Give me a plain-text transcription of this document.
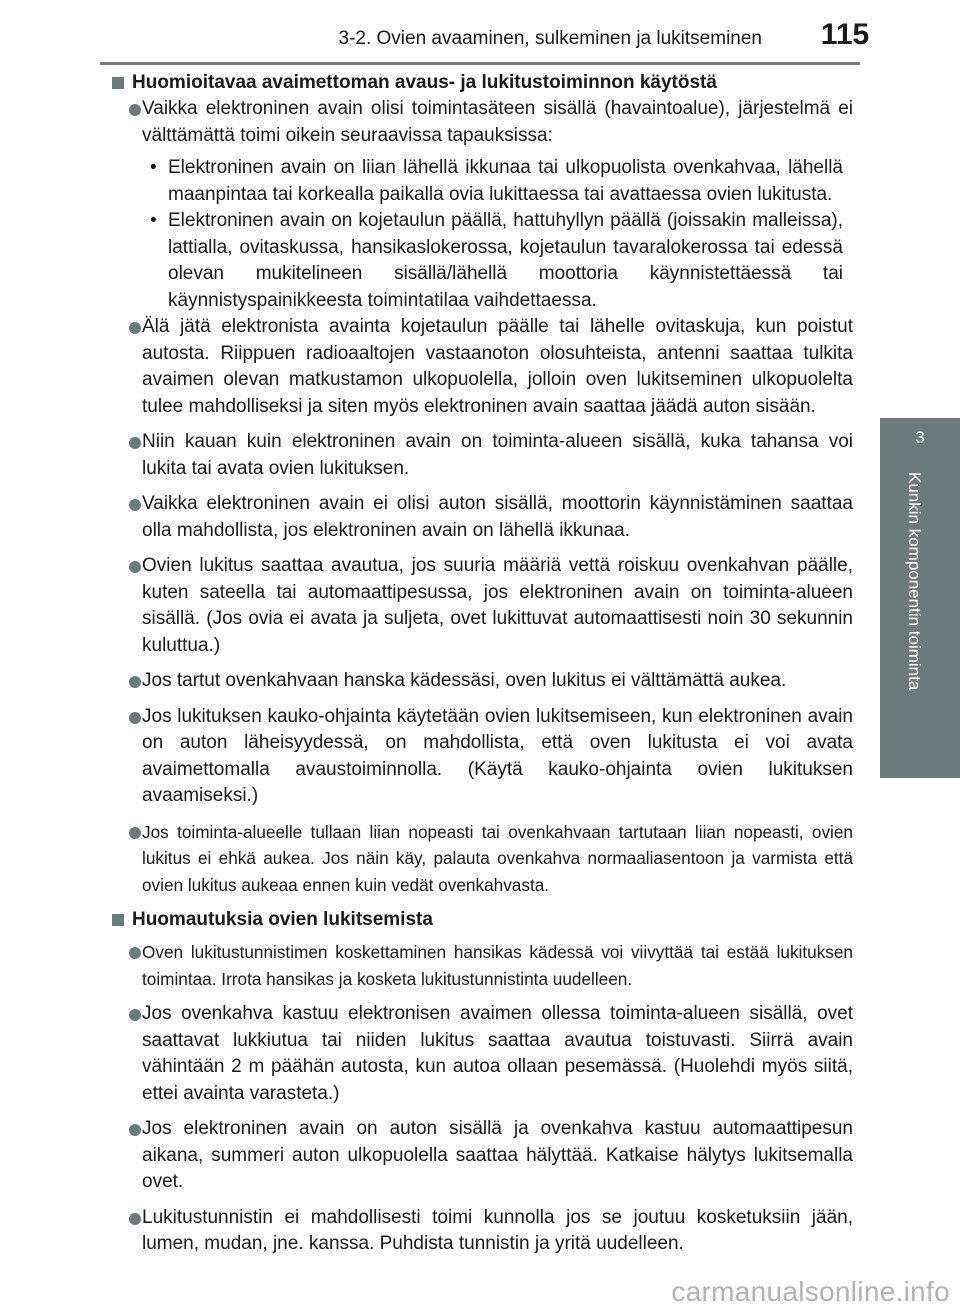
3-2. Ovien avaaminen, sulkeminen ja lukitseminen	115
3
Kunkin komponentin toiminta
Huomioitavaa avaimettoman avaus- ja lukitustoiminnon käytöstä

Vaikka elektroninen avain olisi toimintasäteen sisällä (havaintoalue), järjestelmä ei välttämättä toimi oikein seuraavissa tapauksissa:

• Elektroninen avain on liian lähellä ikkunaa tai ulkopuolista ovenkahvaa, lähellä maanpintaa tai korkealla paikalla ovia lukittaessa tai avattaessa ovien lukitusta.

• Elektroninen avain on kojetaulun päällä, hattuhyllyn päällä (joissakin malleissa), lattialla, ovitaskussa, hansikaslokerossa, kojetaulun tavaralokerossa tai edessä olevan mukitelineen sisällä/lähellä moottoria käynnistettäessä tai käynnistyspainikkeesta toimintatilaa vaihdettaessa.

Älä jätä elektronista avainta kojetaulun päälle tai lähelle ovitaskuja, kun poistut autosta. Riippuen radioaaltojen vastaanoton olosuhteista, antenni saattaa tulkita avaimen olevan matkustamon ulkopuolella, jolloin oven lukitseminen ulkopuolelta tulee mahdolliseksi ja siten myös elektroninen avain saattaa jäädä auton sisään.

Niin kauan kuin elektroninen avain on toiminta-alueen sisällä, kuka tahansa voi lukita tai avata ovien lukituksen.

Vaikka elektroninen avain ei olisi auton sisällä, moottorin käynnistäminen saattaa olla mahdollista, jos elektroninen avain on lähellä ikkunaa.

Ovien lukitus saattaa avautua, jos suuria määriä vettä roiskuu ovenkahvan päälle, kuten sateella tai automaattipesussa, jos elektroninen avain on toiminta-alueen sisällä. (Jos ovia ei avata ja suljeta, ovet lukittuvat automaattisesti noin 30 sekunnin kuluttua.)

Jos tartut ovenkahvaan hanska kädessäsi, oven lukitus ei välttämättä aukea.

Jos lukituksen kauko-ohjainta käytetään ovien lukitsemiseen, kun elektroninen avain on auton läheisyydessä, on mahdollista, että oven lukitusta ei voi avata avaimettomalla avaustoiminnolla. (Käytä kauko-ohjainta ovien lukituksen avaamiseksi.)

Jos toiminta-alueelle tullaan liian nopeasti tai ovenkahvaan tartutaan liian nopeasti, ovien lukitus ei ehkä aukea. Jos näin käy, palauta ovenkahva normaaliasentoon ja varmista että ovien lukitus aukeaa ennen kuin vedät ovenkahvasta.

Huomautuksia ovien lukitsemista

Oven lukitustunnistimen koskettaminen hansikas kädessä voi viivyttää tai estää lukituksen toimintaa. Irrota hansikas ja kosketa lukitustunnistinta uudelleen.

Jos ovenkahva kastuu elektronisen avaimen ollessa toiminta-alueen sisällä, ovet saattavat lukkiutua tai niiden lukitus saattaa avautua toistuvasti. Siirrä avain vähintään 2 m päähän autosta, kun autoa ollaan pesemässä. (Huolehdi myös siitä, ettei avainta varasteta.)

Jos elektroninen avain on auton sisällä ja ovenkahva kastuu automaattipesun aikana, summeri auton ulkopuolella saattaa hälyttää. Katkaise hälytys lukitsemalla ovet.

Lukitustunnistin ei mahdollisesti toimi kunnolla jos se joutuu kosketuksiin jään, lumen, mudan, jne. kanssa. Puhdista tunnistin ja yritä uudelleen.

carmanualsonline.info
